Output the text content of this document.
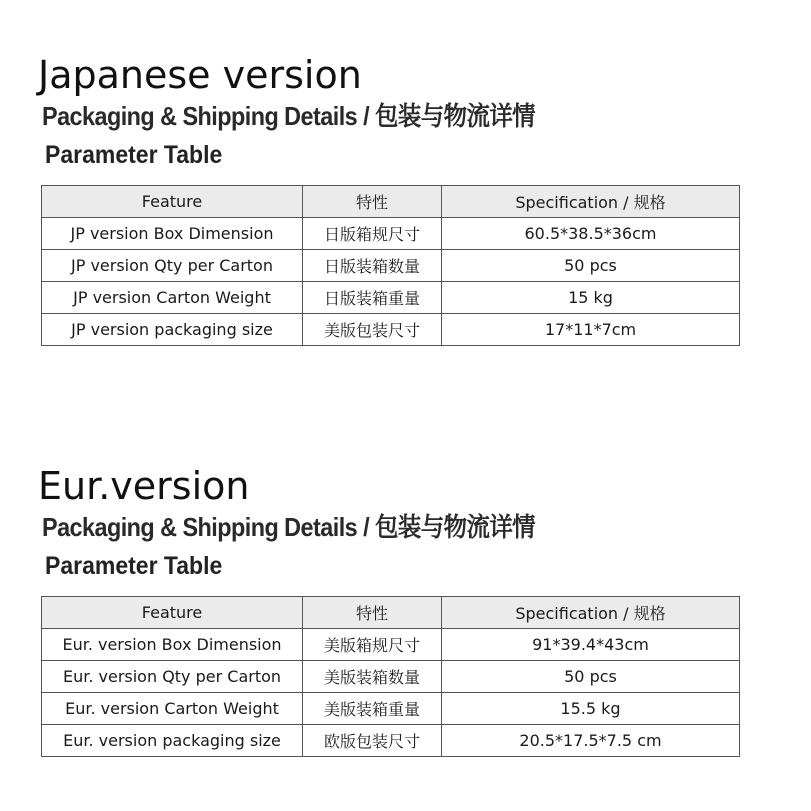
Japanese version
Packaging & Shipping Details / 包装与物流详情
Parameter Table
Feature	特性	Specification / 规格
JP version Box Dimension	日版箱规尺寸	60.5*38.5*36cm
JP version Qty per Carton	日版装箱数量	50 pcs
JP version Carton Weight	日版装箱重量	15 kg
JP version packaging size	美版包装尺寸	17*11*7cm
Eur.version
Packaging & Shipping Details / 包装与物流详情
Parameter Table
Feature	特性	Specification / 规格
Eur. version Box Dimension	美版箱规尺寸	91*39.4*43cm
Eur. version Qty per Carton	美版装箱数量	50 pcs
Eur. version Carton Weight	美版装箱重量	15.5 kg
Eur. version packaging size	欧版包装尺寸	20.5*17.5*7.5 cm
